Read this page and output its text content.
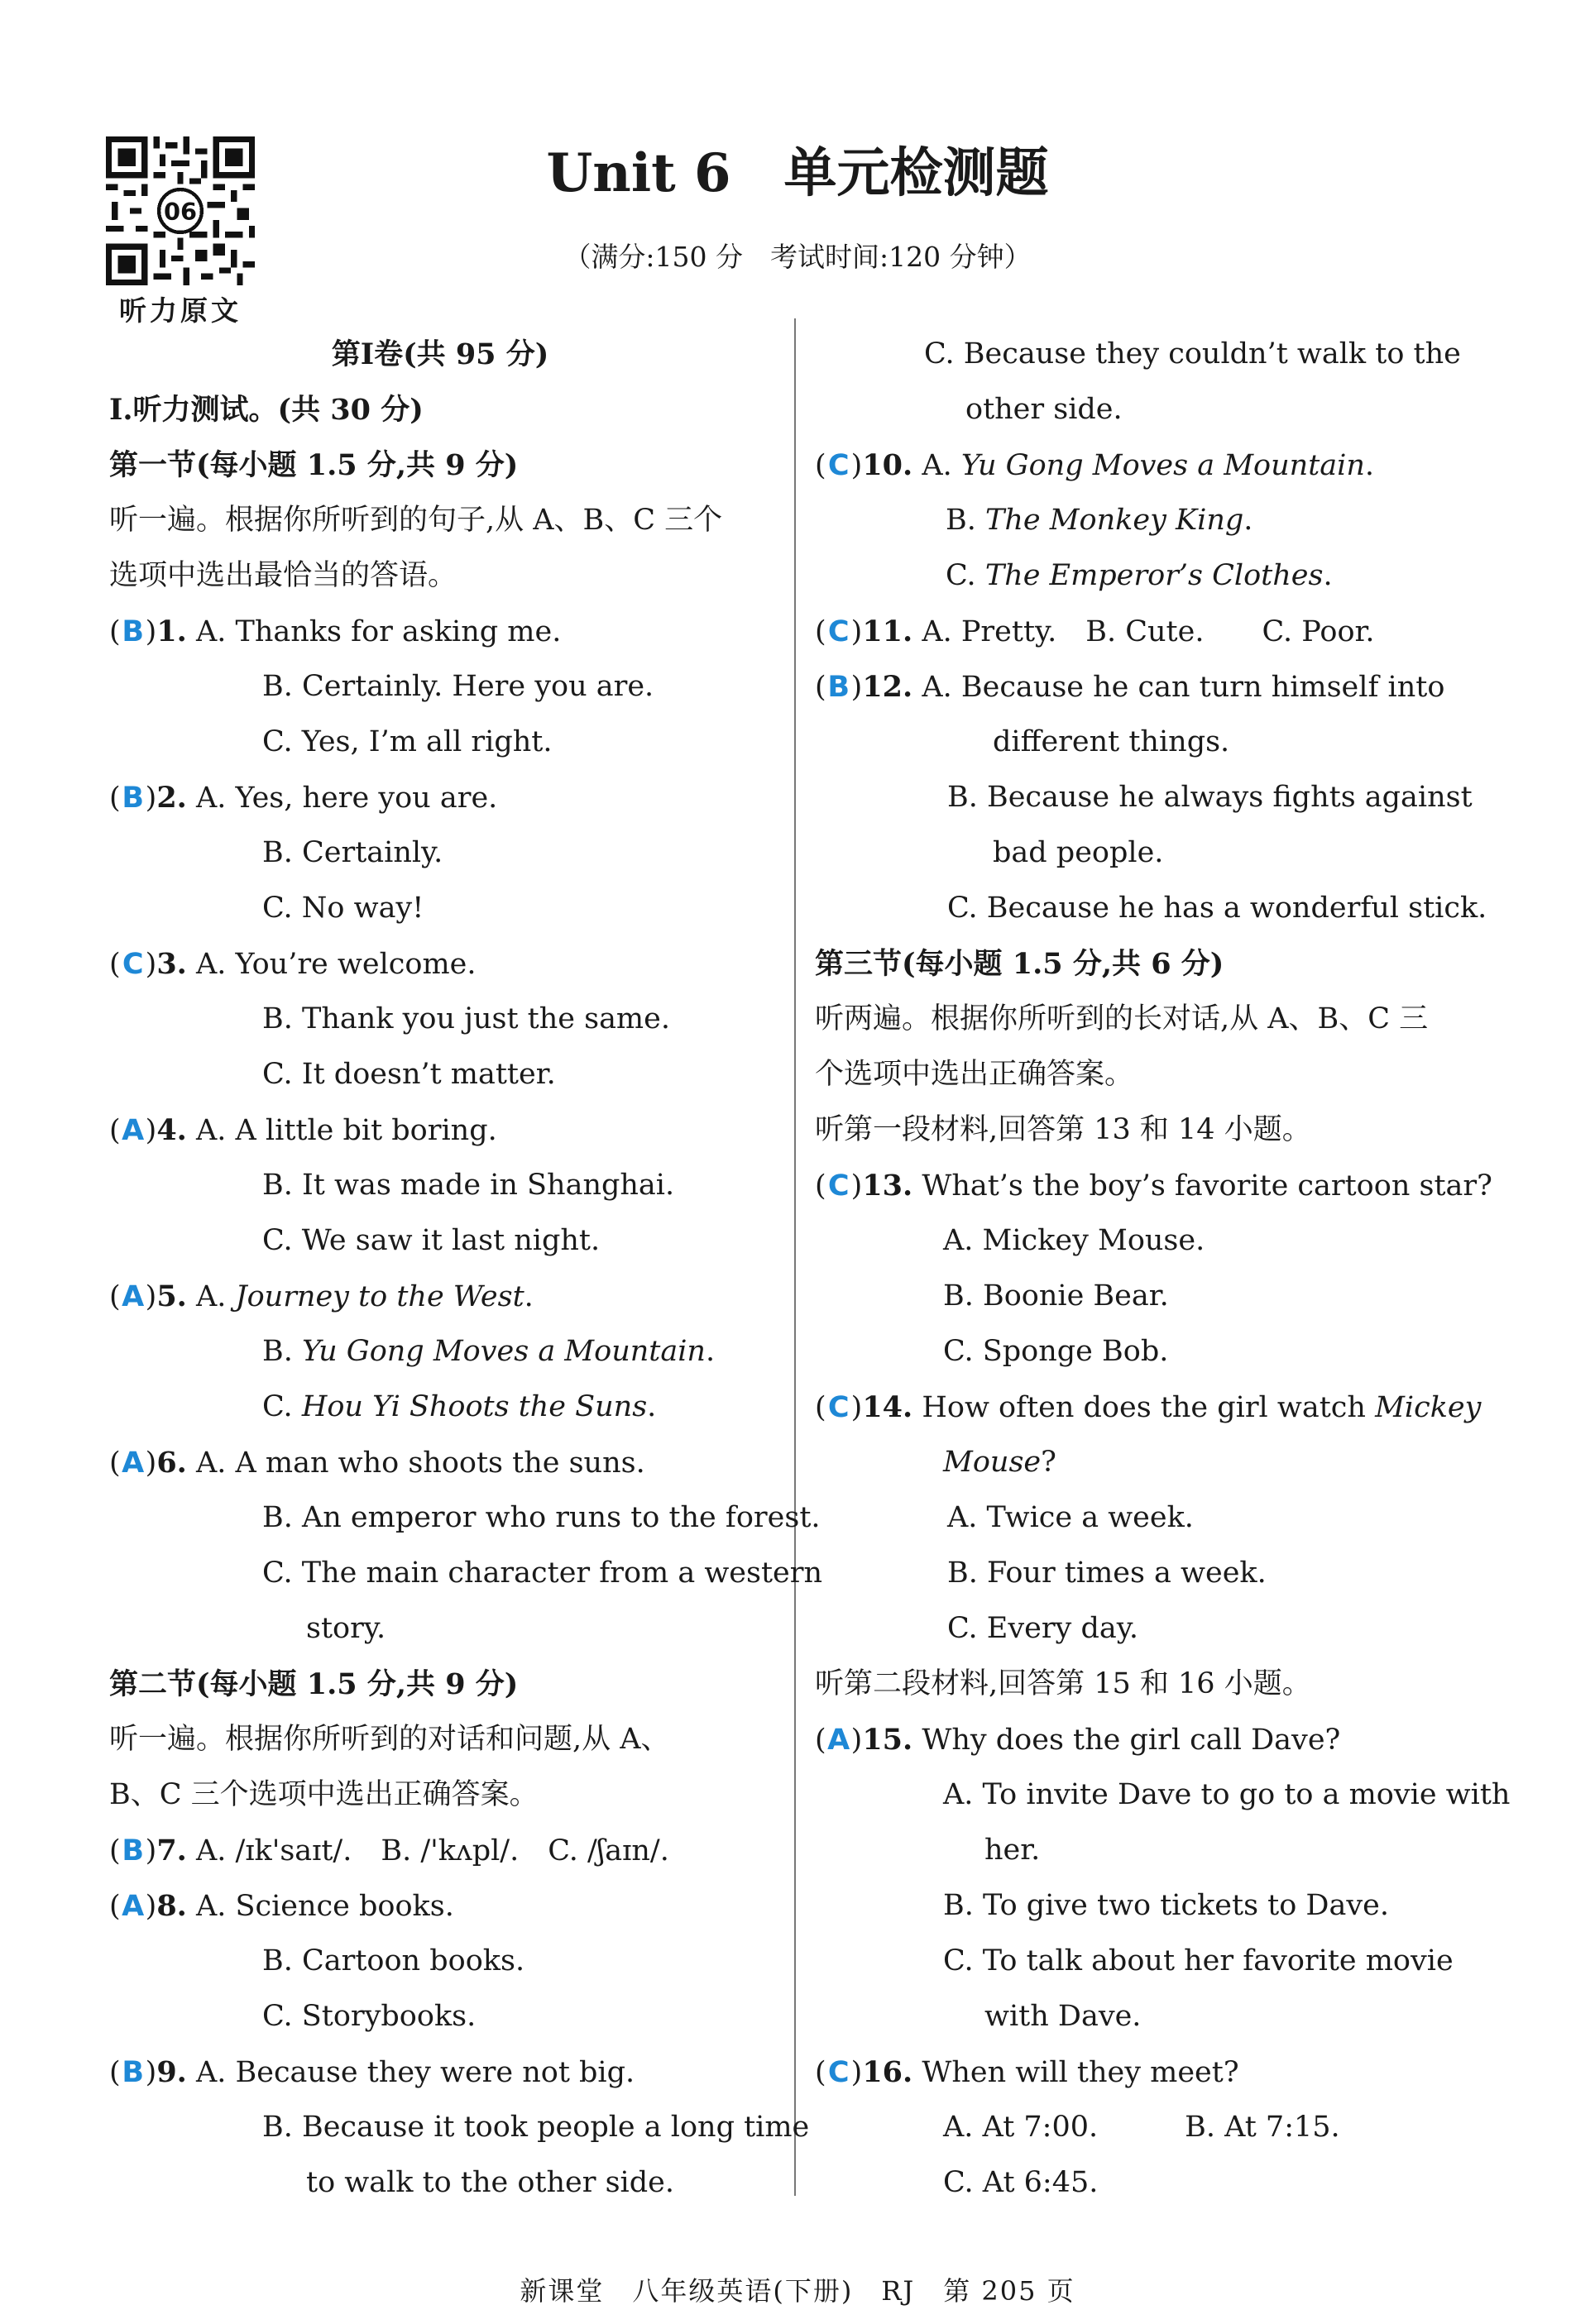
06
听力原文
Unit 6　单元检测题
（满分:150 分　考试时间:120 分钟）
第Ⅰ卷(共 95 分)
Ⅰ.听力测试。(共 30 分)
第一节(每小题 1.5 分,共 9 分)
听一遍。根据你所听到的句子,从 A、B、C 三个
选项中选出最恰当的答语。
(B)1. A. Thanks for asking me.
B. Certainly. Here you are.
C. Yes, I’m all right.
(B)2. A. Yes, here you are.
B. Certainly.
C. No way!
(C)3. A. You’re welcome.
B. Thank you just the same.
C. It doesn’t matter.
(A)4. A. A little bit boring.
B. It was made in Shanghai.
C. We saw it last night.
(A)5. A. Journey to the West.
B. Yu Gong Moves a Mountain.
C. Hou Yi Shoots the Suns.
(A)6. A. A man who shoots the suns.
B. An emperor who runs to the forest.
C. The main character from a western
story.
第二节(每小题 1.5 分,共 9 分)
听一遍。根据你所听到的对话和问题,从 A、
B、C 三个选项中选出正确答案。
(B)7. A. /ɪk'saɪt/.　B. /'kʌpl/.　C. /ʃaɪn/.
(A)8. A. Science books.
B. Cartoon books.
C. Storybooks.
(B)9. A. Because they were not big.
B. Because it took people a long time
to walk to the other side.
C. Because they couldn’t walk to the
other side.
(C)10. A. Yu Gong Moves a Mountain.
B. The Monkey King.
C. The Emperor’s Clothes.
(C)11. A. Pretty.　B. Cute.　　C. Poor.
(B)12. A. Because he can turn himself into
different things.
B. Because he always fights against
bad people.
C. Because he has a wonderful stick.
第三节(每小题 1.5 分,共 6 分)
听两遍。根据你所听到的长对话,从 A、B、C 三
个选项中选出正确答案。
听第一段材料,回答第 13 和 14 小题。
(C)13. What’s the boy’s favorite cartoon star?
A. Mickey Mouse.
B. Boonie Bear.
C. Sponge Bob.
(C)14. How often does the girl watch Mickey
Mouse?
A. Twice a week.
B. Four times a week.
C. Every day.
听第二段材料,回答第 15 和 16 小题。
(A)15. Why does the girl call Dave?
A. To invite Dave to go to a movie with
her.
B. To give two tickets to Dave.
C. To talk about her favorite movie
with Dave.
(C)16. When will they meet?
A. At 7:00.　　　B. At 7:15.
C. At 6:45.
新课堂　八年级英语(下册)　RJ　第 205 页
